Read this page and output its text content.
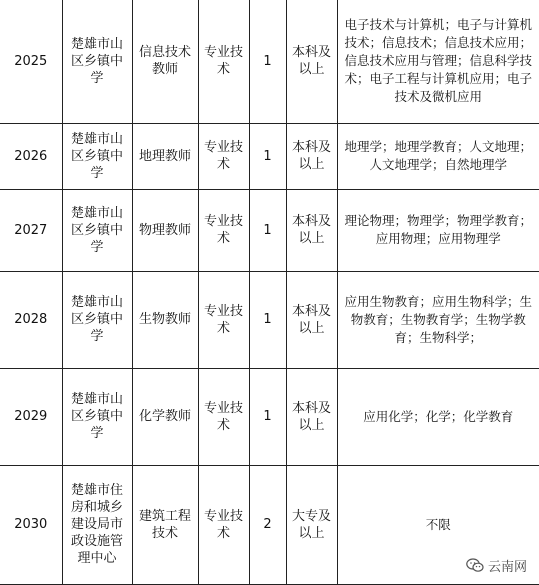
2025	楚雄市山区乡镇中学	信息技术教师	专业技术	1	本科及以上	电子技术与计算机；电子与计算机技术；信息技术；信息技术应用；信息技术应用与管理；信息科学技术；电子工程与计算机应用；电子技术及微机应用
2026	楚雄市山区乡镇中学	地理教师	专业技术	1	本科及以上	地理学；地理学教育；人文地理；人文地理学；自然地理学
2027	楚雄市山区乡镇中学	物理教师	专业技术	1	本科及以上	理论物理；物理学；物理学教育；应用物理；应用物理学
2028	楚雄市山区乡镇中学	生物教师	专业技术	1	本科及以上	应用生物教育；应用生物科学；生物教育；生物教育学；生物学教育；生物科学；
2029	楚雄市山区乡镇中学	化学教师	专业技术	1	本科及以上	应用化学；化学；化学教育
2030	楚雄市住房和城乡建设局市政设施管理中心	建筑工程技术	专业技术	2	大专及以上	不限
云南网
